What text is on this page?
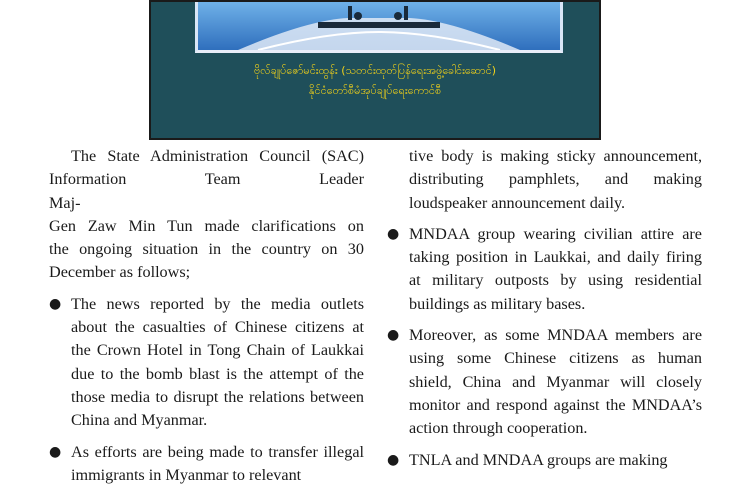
ဗိုလ်ချုပ်ဇော်မင်းထွန်း (သတင်းထုတ်ပြန်ရေးအဖွဲ့ခေါင်းဆောင်)
နိုင်ငံတော်စီမံအုပ်ချုပ်ရေးကောင်စီ

The State Administration Council (SAC)
Information Team Leader Maj-
Gen Zaw Min Tun made clarifications on
the ongoing situation in the country on 30
December as follows;

● The news reported by the media outlets about the casualties of Chinese citizens at the Crown Hotel in Tong Chain of Laukkai due to the bomb blast is the attempt of the those media to disrupt the relations between China and Myanmar.
● As efforts are being made to transfer illegal immigrants in Myanmar to relevant

tive body is making sticky announcement, distributing pamphlets, and making loudspeaker announcement daily.

● MNDAA group wearing civilian attire are taking position in Laukkai, and daily firing at military outposts by using residential buildings as military bases.
● Moreover, as some MNDAA members are using some Chinese citizens as human shield, China and Myanmar will closely monitor and respond against the MNDAA’s action through cooperation.
● TNLA and MNDAA groups are making
